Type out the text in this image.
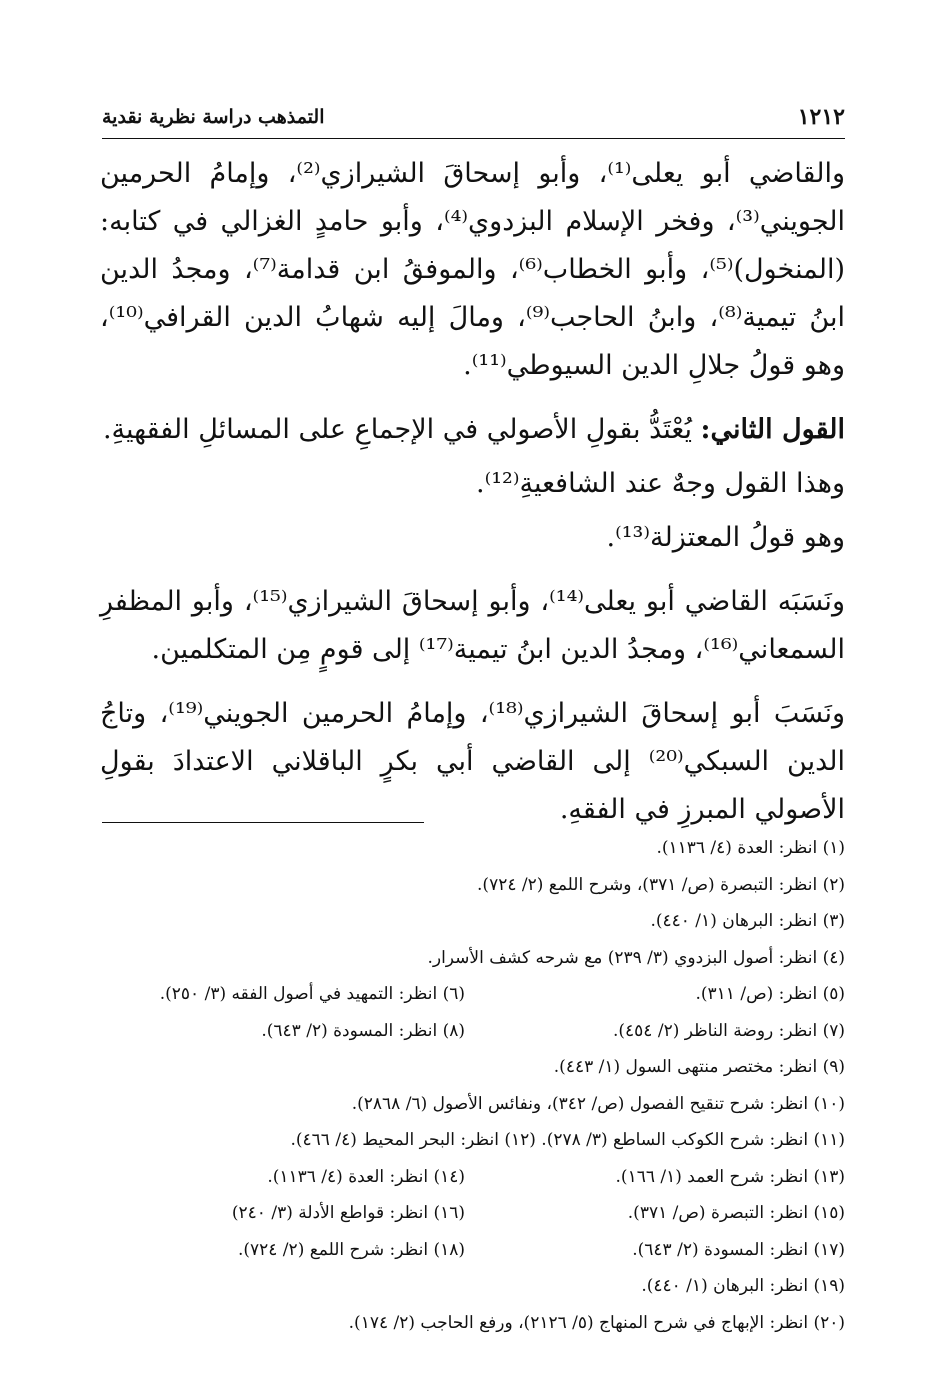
١٢١٢
التمذهب دراسة نظرية نقدية

والقاضي أبو يعلى⁽¹⁾، وأبو إسحاقَ الشيرازي⁽²⁾، وإمامُ الحرمين الجويني⁽³⁾، وفخر الإسلام البزدوي⁽⁴⁾، وأبو حامدٍ الغزالي في كتابه: (المنخول)⁽⁵⁾، وأبو الخطاب⁽⁶⁾، والموفقُ ابن قدامة⁽⁷⁾، ومجدُ الدين ابنُ تيمية⁽⁸⁾، وابنُ الحاجب⁽⁹⁾، ومالَ إليه شهابُ الدين القرافي⁽¹⁰⁾، وهو قولُ جلالِ الدين السيوطي⁽¹¹⁾.

القول الثاني: يُعْتَدُّ بقولِ الأصولي في الإجماعِ على المسائلِ الفقهيةِ.

وهذا القول وجهٌ عند الشافعيةِ⁽¹²⁾.

وهو قولُ المعتزلة⁽¹³⁾.

ونَسَبَه القاضي أبو يعلى⁽¹⁴⁾، وأبو إسحاقَ الشيرازي⁽¹⁵⁾، وأبو المظفرِ السمعاني⁽¹⁶⁾، ومجدُ الدين ابنُ تيمية⁽¹⁷⁾ إلى قومٍ مِن المتكلمين.

ونَسَبَ أبو إسحاقَ الشيرازي⁽¹⁸⁾، وإمامُ الحرمين الجويني⁽¹⁹⁾، وتاجُ الدين السبكي⁽²⁰⁾ إلى القاضي أبي بكرٍ الباقلاني الاعتدادَ بقولِ الأصولي المبرزِ في الفقهِ.

(١) انظر: العدة (٤/ ١١٣٦).
(٢) انظر: التبصرة (ص/ ٣٧١)، وشرح اللمع (٢/ ٧٢٤).
(٣) انظر: البرهان (١/ ٤٤٠).
(٤) انظر: أصول البزدوي (٣/ ٢٣٩) مع شرحه كشف الأسرار.
(٥) انظر: (ص/ ٣١١).
(٦) انظر: التمهيد في أصول الفقه (٣/ ٢٥٠).
(٧) انظر: روضة الناظر (٢/ ٤٥٤).
(٨) انظر: المسودة (٢/ ٦٤٣).
(٩) انظر: مختصر منتهى السول (١/ ٤٤٣).
(١٠) انظر: شرح تنقيح الفصول (ص/ ٣٤٢)، ونفائس الأصول (٦/ ٢٨٦٨).
(١١) انظر: شرح الكوكب الساطع (٣/ ٢٧٨). (١٢) انظر: البحر المحيط (٤/ ٤٦٦).
(١٣) انظر: شرح العمد (١/ ١٦٦).
(١٤) انظر: العدة (٤/ ١١٣٦).
(١٥) انظر: التبصرة (ص/ ٣٧١).
(١٦) انظر: قواطع الأدلة (٣/ ٢٤٠)
(١٧) انظر: المسودة (٢/ ٦٤٣).
(١٨) انظر: شرح اللمع (٢/ ٧٢٤).
(١٩) انظر: البرهان (١/ ٤٤٠).
(٢٠) انظر: الإبهاج في شرح المنهاج (٥/ ٢١٢٦)، ورفع الحاجب (٢/ ١٧٤).
